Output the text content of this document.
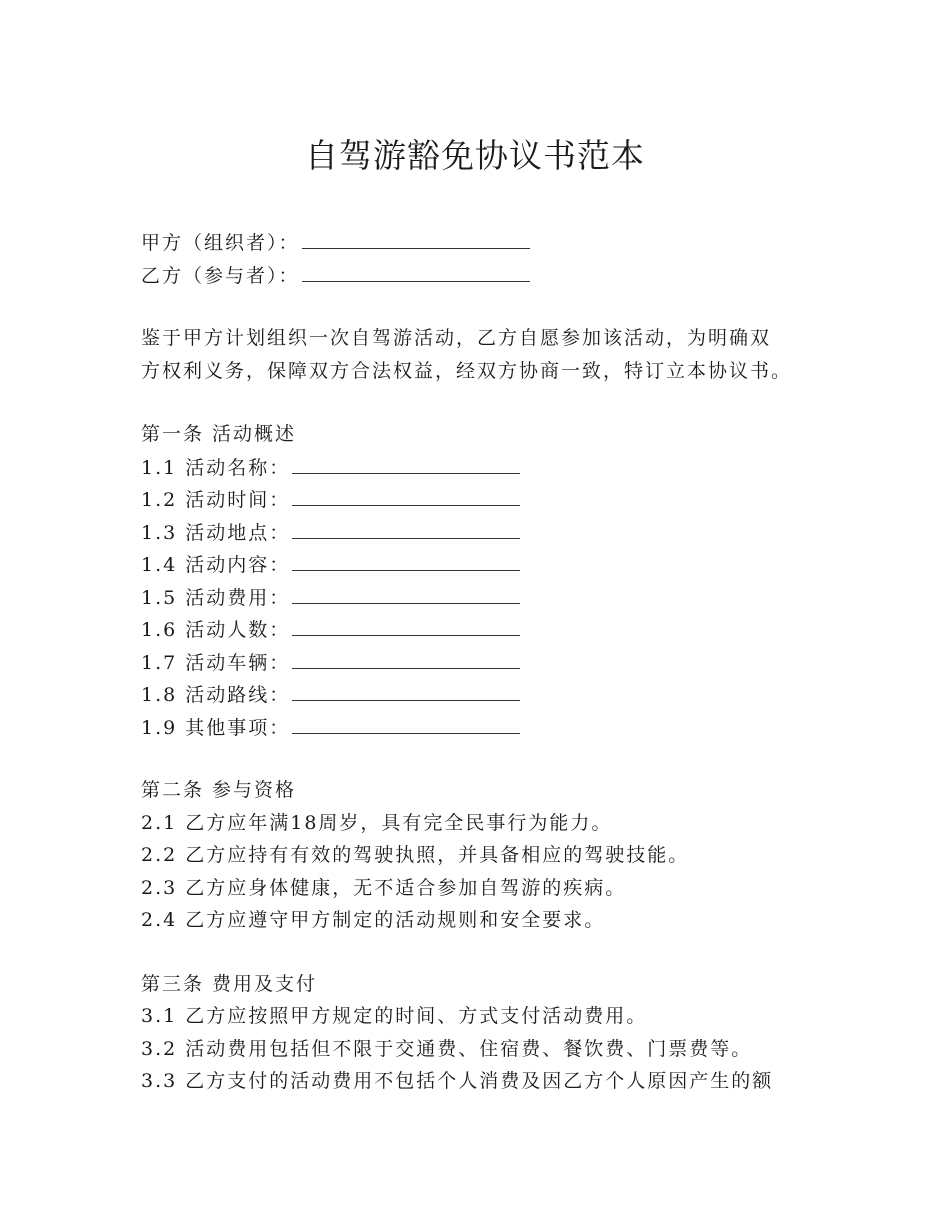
自驾游豁免协议书范本
甲方（组织者）：
乙方（参与者）：
鉴于甲方计划组织一次自驾游活动，乙方自愿参加该活动，为明确双
方权利义务，保障双方合法权益，经双方协商一致，特订立本协议书。
第一条 活动概述
1.1 活动名称：
1.2 活动时间：
1.3 活动地点：
1.4 活动内容：
1.5 活动费用：
1.6 活动人数：
1.7 活动车辆：
1.8 活动路线：
1.9 其他事项：
第二条 参与资格
2.1 乙方应年满18周岁，具有完全民事行为能力。
2.2 乙方应持有有效的驾驶执照，并具备相应的驾驶技能。
2.3 乙方应身体健康，无不适合参加自驾游的疾病。
2.4 乙方应遵守甲方制定的活动规则和安全要求。
第三条 费用及支付
3.1 乙方应按照甲方规定的时间、方式支付活动费用。
3.2 活动费用包括但不限于交通费、住宿费、餐饮费、门票费等。
3.3 乙方支付的活动费用不包括个人消费及因乙方个人原因产生的额
